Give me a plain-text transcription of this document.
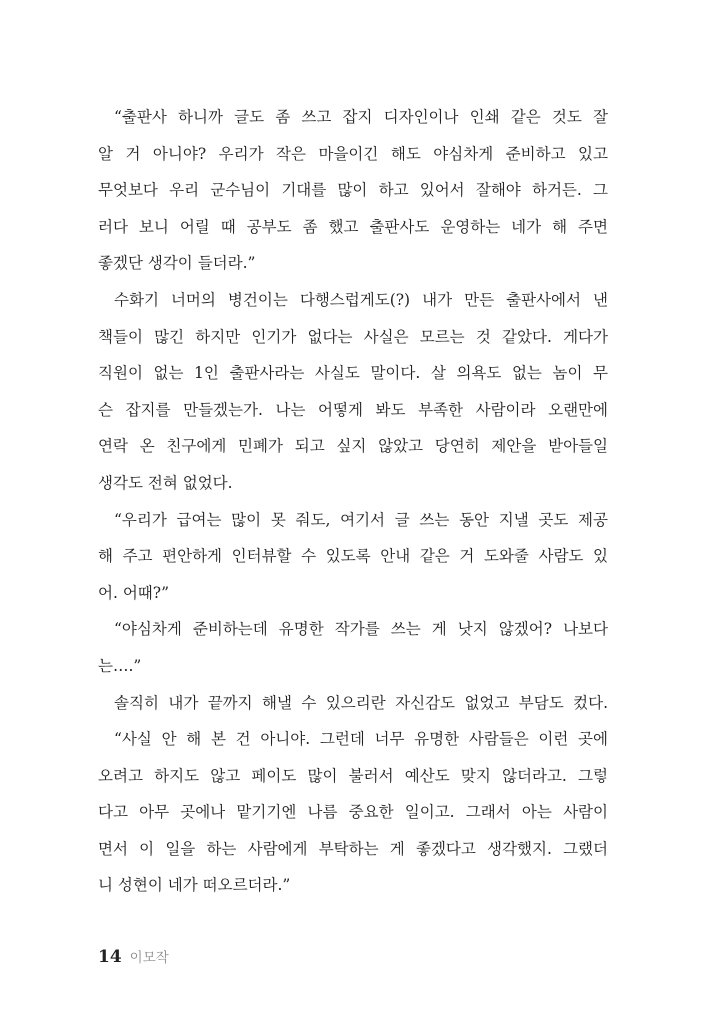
“출판사 하니까 글도 좀 쓰고 잡지 디자인이나 인쇄 같은 것도 잘
알 거 아니야? 우리가 작은 마을이긴 해도 야심차게 준비하고 있고
무엇보다 우리 군수님이 기대를 많이 하고 있어서 잘해야 하거든. 그
러다 보니 어릴 때 공부도 좀 했고 출판사도 운영하는 네가 해 주면
좋겠단 생각이 들더라.”
수화기 너머의 병건이는 다행스럽게도(?) 내가 만든 출판사에서 낸
책들이 많긴 하지만 인기가 없다는 사실은 모르는 것 같았다. 게다가
직원이 없는 1인 출판사라는 사실도 말이다. 살 의욕도 없는 놈이 무
슨 잡지를 만들겠는가. 나는 어떻게 봐도 부족한 사람이라 오랜만에
연락 온 친구에게 민폐가 되고 싶지 않았고 당연히 제안을 받아들일
생각도 전혀 없었다.
“우리가 급여는 많이 못 줘도, 여기서 글 쓰는 동안 지낼 곳도 제공
해 주고 편안하게 인터뷰할 수 있도록 안내 같은 거 도와줄 사람도 있
어. 어때?”
“야심차게 준비하는데 유명한 작가를 쓰는 게 낫지 않겠어? 나보다
는….”
솔직히 내가 끝까지 해낼 수 있으리란 자신감도 없었고 부담도 컸다.
“사실 안 해 본 건 아니야. 그런데 너무 유명한 사람들은 이런 곳에
오려고 하지도 않고 페이도 많이 불러서 예산도 맞지 않더라고. 그렇
다고 아무 곳에나 맡기기엔 나름 중요한 일이고. 그래서 아는 사람이
면서 이 일을 하는 사람에게 부탁하는 게 좋겠다고 생각했지. 그랬더
니 성현이 네가 떠오르더라.”
14 이모작
